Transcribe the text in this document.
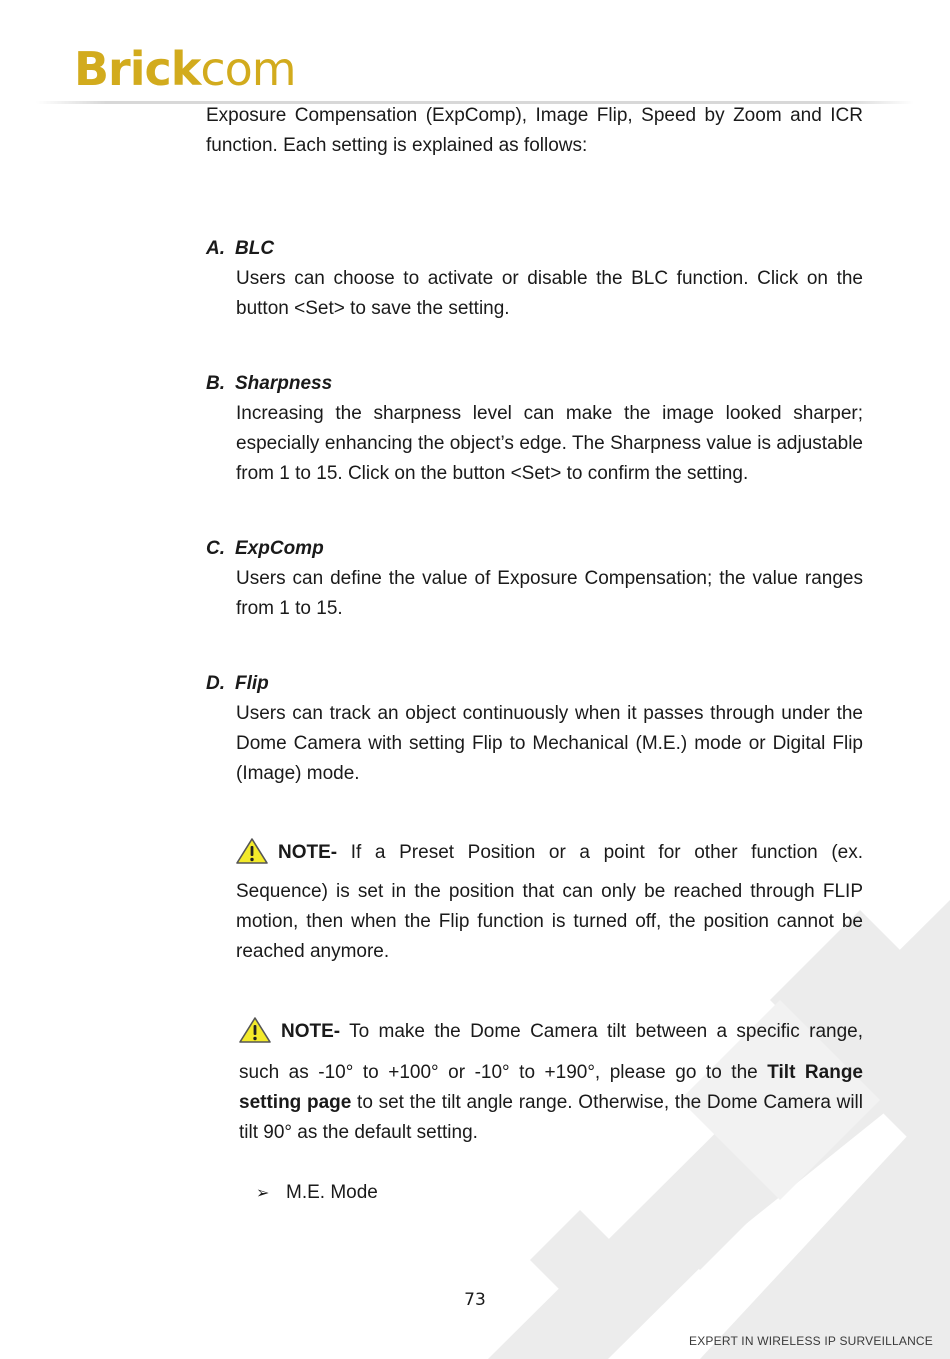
Brickcom

Exposure Compensation (ExpComp), Image Flip, Speed by Zoom and ICR function. Each setting is explained as follows:

A. BLC

Users can choose to activate or disable the BLC function. Click on the button <Set> to save the setting.

B. Sharpness

Increasing the sharpness level can make the image looked sharper; especially enhancing the object’s edge. The Sharpness value is adjustable from 1 to 15. Click on the button <Set> to confirm the setting.

C. ExpComp

Users can define the value of Exposure Compensation; the value ranges from 1 to 15.

D. Flip

Users can track an object continuously when it passes through under the Dome Camera with setting Flip to Mechanical (M.E.) mode or Digital Flip (Image) mode.

NOTE- If a Preset Position or a point for other function (ex.
Sequence) is set in the position that can only be reached through FLIP motion, then when the Flip function is turned off, the position cannot be reached anymore.
NOTE- To make the Dome Camera tilt between a specific range,
such as -10° to +100° or -10° to +190°, please go to the Tilt Range setting page to set the tilt angle range. Otherwise, the Dome Camera will tilt 90° as the default setting.
➢ M.E. Mode
73
EXPERT IN WIRELESS IP SURVEILLANCE
